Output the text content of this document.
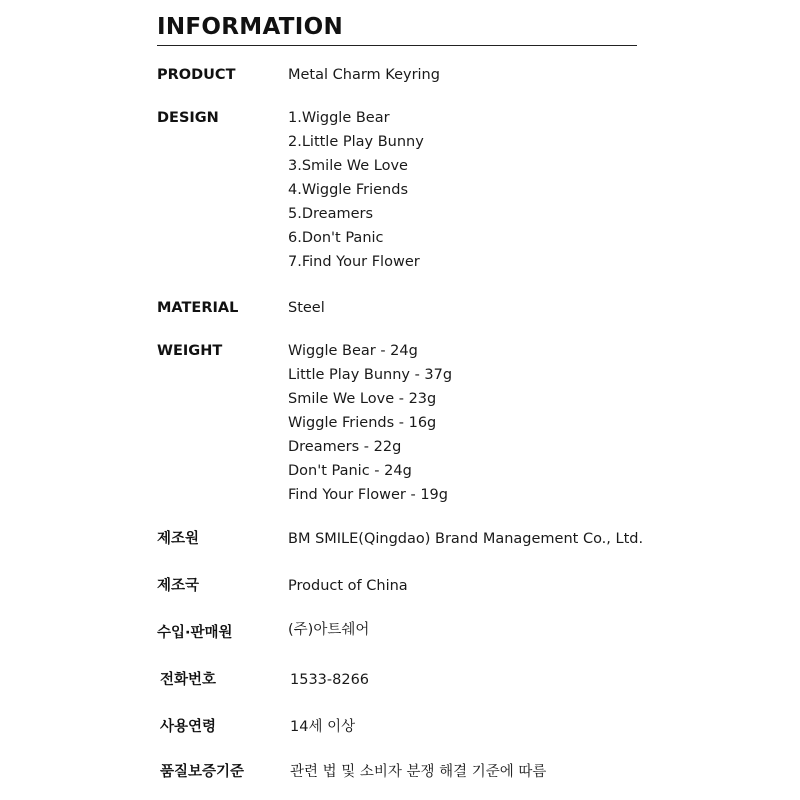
INFORMATION
PRODUCT	Metal Charm Keyring
DESIGN	1.Wiggle Bear
2.Little Play Bunny
3.Smile We Love
4.Wiggle Friends
5.Dreamers
6.Don't Panic
7.Find Your Flower
MATERIAL	Steel
WEIGHT	Wiggle Bear - 24g
Little Play Bunny - 37g
Smile We Love - 23g
Wiggle Friends - 16g
Dreamers - 22g
Don't Panic - 24g
Find Your Flower - 19g
제조원	BM SMILE(Qingdao) Brand Management Co., Ltd.
제조국	Product of China
수입·판매원	(주)아트쉐어
전화번호	1533-8266
사용연령	14세 이상
품질보증기준	관련 법 및 소비자 분쟁 해결 기준에 따름
